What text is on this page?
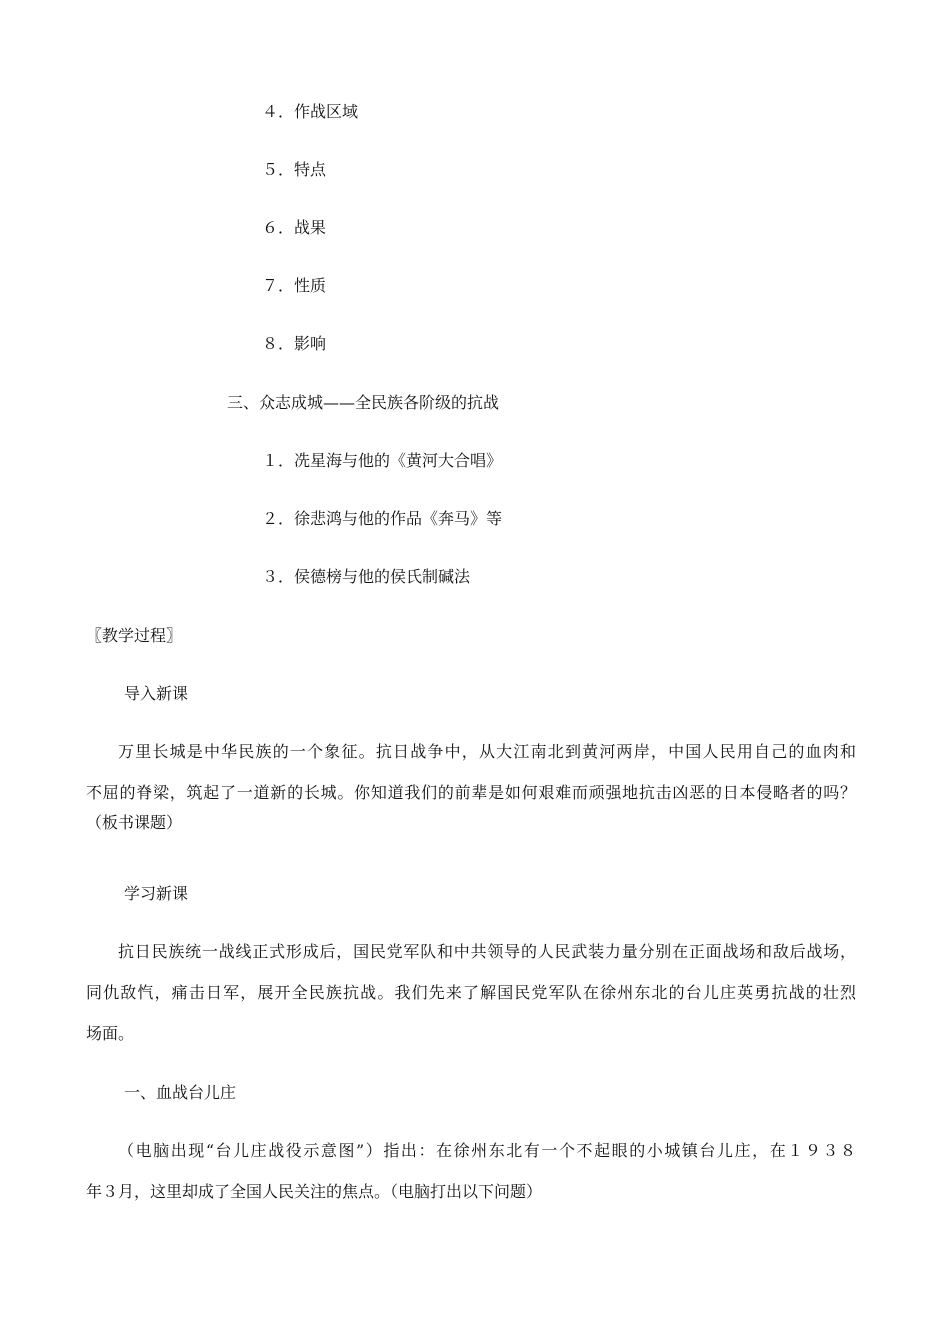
４．作战区域
５．特点
６．战果
７．性质
８．影响
三、众志成城——全民族各阶级的抗战
１．冼星海与他的《黄河大合唱》
２．徐悲鸿与他的作品《奔马》等
３．侯德榜与他的侯氏制碱法
〖教学过程〗
导入新课
万里长城是中华民族的一个象征。抗日战争中，从大江南北到黄河两岸，中国人民用自己的血肉和
不屈的脊梁，筑起了一道新的长城。你知道我们的前辈是如何艰难而顽强地抗击凶恶的日本侵略者的吗？
（板书课题）
学习新课
抗日民族统一战线正式形成后，国民党军队和中共领导的人民武装力量分别在正面战场和敌后战场，
同仇敌忾，痛击日军，展开全民族抗战。我们先来了解国民党军队在徐州东北的台儿庄英勇抗战的壮烈
场面。
一、血战台儿庄
（电脑出现“台儿庄战役示意图”）指出：在徐州东北有一个不起眼的小城镇台儿庄，在１９３８
年３月，这里却成了全国人民关注的焦点。（电脑打出以下问题）
